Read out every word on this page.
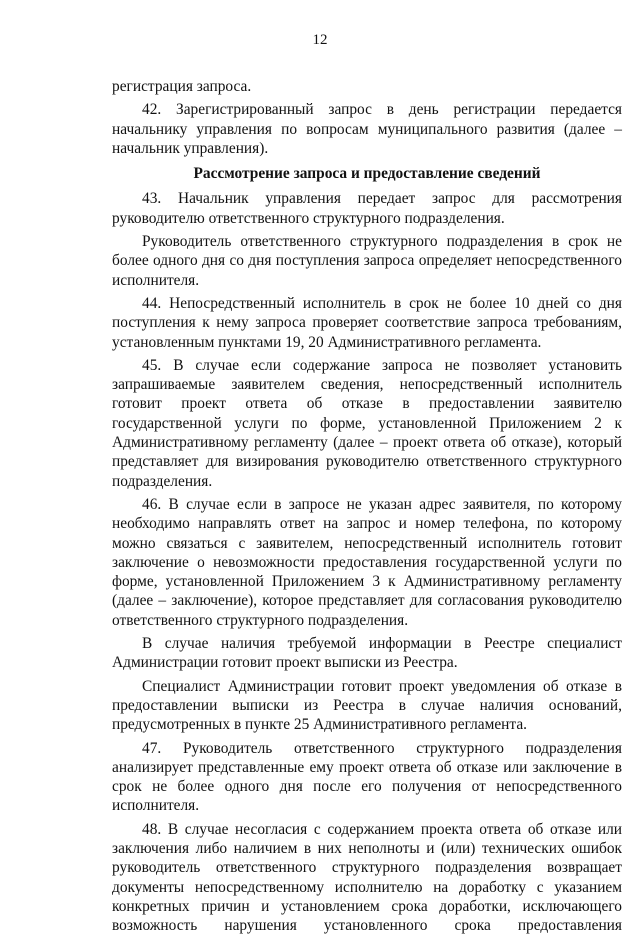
12

регистрация запроса.

42. Зарегистрированный запрос в день регистрации передается начальнику управления по вопросам муниципального развития (далее – начальник управления).

Рассмотрение запроса и предоставление сведений

43. Начальник управления передает запрос для рассмотрения руководителю ответственного структурного подразделения.

Руководитель ответственного структурного подразделения в срок не более одного дня со дня поступления запроса определяет непосредственного исполнителя.

44. Непосредственный исполнитель в срок не более 10 дней со дня поступления к нему запроса проверяет соответствие запроса требованиям, установленным пунктами 19, 20 Административного регламента.

45. В случае если содержание запроса не позволяет установить запрашиваемые заявителем сведения, непосредственный исполнитель готовит проект ответа об отказе в предоставлении заявителю государственной услуги по форме, установленной Приложением 2 к Административному регламенту (далее – проект ответа об отказе), который представляет для визирования руководителю ответственного структурного подразделения.

46. В случае если в запросе не указан адрес заявителя, по которому необходимо направлять ответ на запрос и номер телефона, по которому можно связаться с заявителем, непосредственный исполнитель готовит заключение о невозможности предоставления государственной услуги по форме, установленной Приложением 3 к Административному регламенту (далее – заключение), которое представляет для согласования руководителю ответственного структурного подразделения.

В случае наличия требуемой информации в Реестре специалист Администрации готовит проект выписки из Реестра.

Специалист Администрации готовит проект уведомления об отказе в предоставлении выписки из Реестра в случае наличия оснований, предусмотренных в пункте 25 Административного регламента.

47. Руководитель ответственного структурного подразделения анализирует представленные ему проект ответа об отказе или заключение в срок не более одного дня после его получения от непосредственного исполнителя.

48. В случае несогласия с содержанием проекта ответа об отказе или заключения либо наличием в них неполноты и (или) технических ошибок руководитель ответственного структурного подразделения возвращает документы непосредственному исполнителю на доработку с указанием конкретных причин и установлением срока доработки, исключающего возможность нарушения установленного срока предоставления
